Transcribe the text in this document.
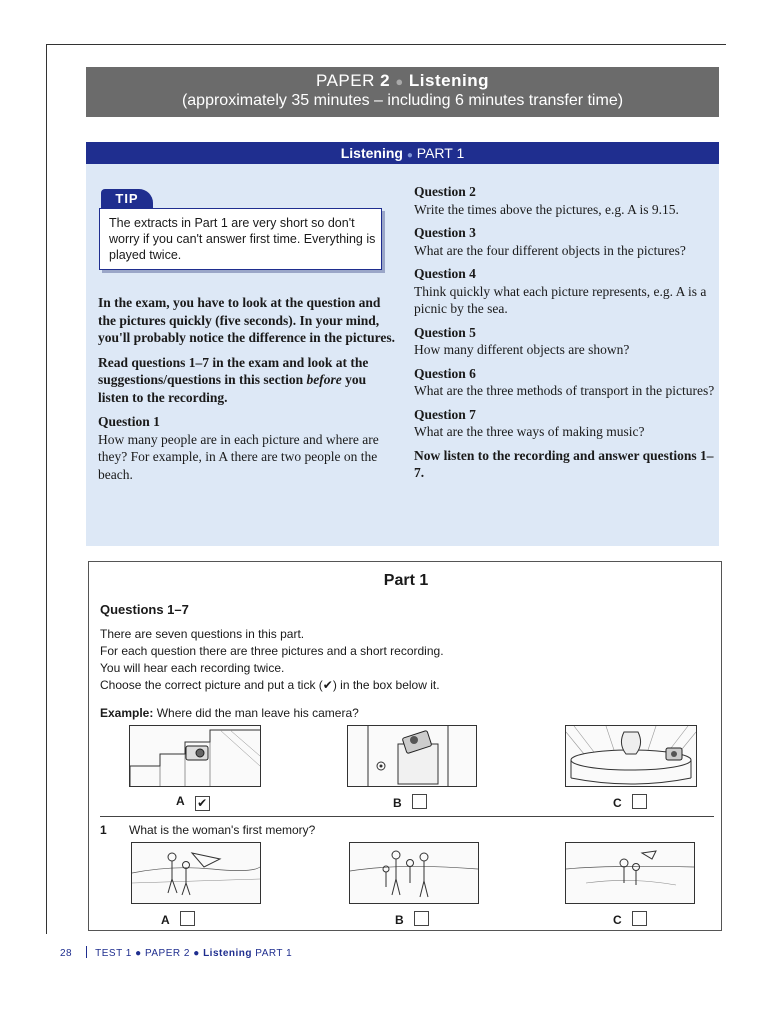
PAPER 2 ● Listening
(approximately 35 minutes – including 6 minutes transfer time)
Listening ● PART 1
TIP
The extracts in Part 1 are very short so don't worry if you can't answer first time. Everything is played twice.

In the exam, you have to look at the question and the pictures quickly (five seconds). In your mind, you'll probably notice the difference in the pictures.

Read questions 1–7 in the exam and look at the suggestions/questions in this section before you listen to the recording.

Question 1

How many people are in each picture and where are they? For example, in A there are two people on the beach.

Question 2

Write the times above the pictures, e.g. A is 9.15.

Question 3

What are the four different objects in the pictures?

Question 4

Think quickly what each picture represents, e.g. A is a picnic by the sea.

Question 5

How many different objects are shown?

Question 6

What are the three methods of transport in the pictures?

Question 7

What are the three ways of making music?

Now listen to the recording and answer questions 1–7.

Part 1
Questions 1–7
There are seven questions in this part.
For each question there are three pictures and a short recording.
You will hear each recording twice.
Choose the correct picture and put a tick (✔) in the box below it.
Example: Where did the man leave his camera?
A ✔	B	C
1 What is the woman's first memory?
A	B	C
28 TEST 1 ● PAPER 2 ● Listening PART 1
